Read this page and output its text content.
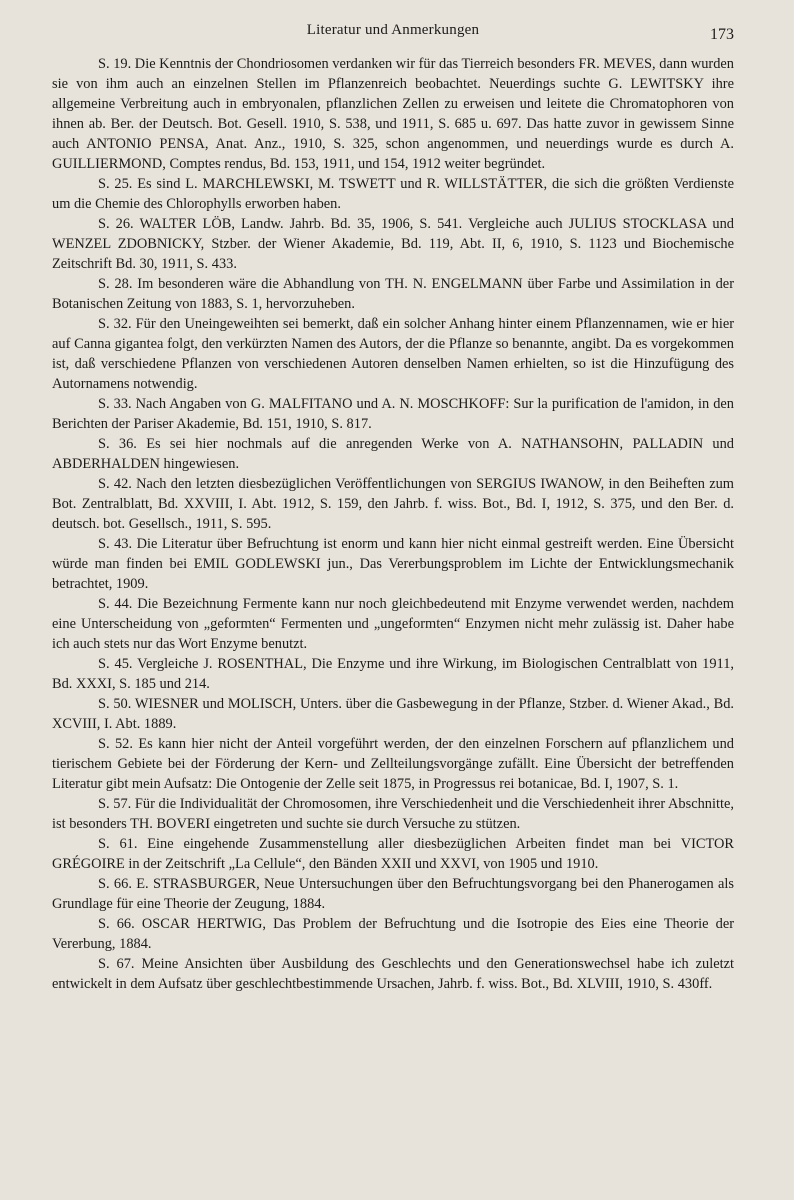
Literatur und Anmerkungen	173

S. 19. Die Kenntnis der Chondriosomen verdanken wir für das Tierreich besonders FR. MEVES, dann wurden sie von ihm auch an einzelnen Stellen im Pflanzenreich beobachtet. Neuerdings suchte G. LEWITSKY ihre allgemeine Verbreitung auch in embryonalen, pflanzlichen Zellen zu erweisen und leitete die Chromatophoren von ihnen ab. Ber. der Deutsch. Bot. Gesell. 1910, S. 538, und 1911, S. 685 u. 697. Das hatte zuvor in gewissem Sinne auch ANTONIO PENSA, Anat. Anz., 1910, S. 325, schon angenommen, und neuerdings wurde es durch A. GUILLIERMOND, Comptes rendus, Bd. 153, 1911, und 154, 1912 weiter begründet.

S. 25. Es sind L. MARCHLEWSKI, M. TSWETT und R. WILLSTÄTTER, die sich die größten Verdienste um die Chemie des Chlorophylls erworben haben.

S. 26. WALTER LÖB, Landw. Jahrb. Bd. 35, 1906, S. 541. Vergleiche auch JULIUS STOCKLASA und WENZEL ZDOBNICKY, Stzber. der Wiener Akademie, Bd. 119, Abt. II, 6, 1910, S. 1123 und Biochemische Zeitschrift Bd. 30, 1911, S. 433.

S. 28. Im besonderen wäre die Abhandlung von TH. N. ENGELMANN über Farbe und Assimilation in der Botanischen Zeitung von 1883, S. 1, hervorzuheben.

S. 32. Für den Uneingeweihten sei bemerkt, daß ein solcher Anhang hinter einem Pflanzennamen, wie er hier auf Canna gigantea folgt, den verkürzten Namen des Autors, der die Pflanze so benannte, angibt. Da es vorgekommen ist, daß verschiedene Pflanzen von verschiedenen Autoren denselben Namen erhielten, so ist die Hinzufügung des Autornamens notwendig.

S. 33. Nach Angaben von G. MALFITANO und A. N. MOSCHKOFF: Sur la purification de l'amidon, in den Berichten der Pariser Akademie, Bd. 151, 1910, S. 817.

S. 36. Es sei hier nochmals auf die anregenden Werke von A. NATHANSOHN, PALLADIN und ABDERHALDEN hingewiesen.

S. 42. Nach den letzten diesbezüglichen Veröffentlichungen von SERGIUS IWANOW, in den Beiheften zum Bot. Zentralblatt, Bd. XXVIII, I. Abt. 1912, S. 159, den Jahrb. f. wiss. Bot., Bd. I, 1912, S. 375, und den Ber. d. deutsch. bot. Gesellsch., 1911, S. 595.

S. 43. Die Literatur über Befruchtung ist enorm und kann hier nicht einmal gestreift werden. Eine Übersicht würde man finden bei EMIL GODLEWSKI jun., Das Vererbungsproblem im Lichte der Entwicklungsmechanik betrachtet, 1909.

S. 44. Die Bezeichnung Fermente kann nur noch gleichbedeutend mit Enzyme verwendet werden, nachdem eine Unterscheidung von „geformten“ Fermenten und „ungeformten“ Enzymen nicht mehr zulässig ist. Daher habe ich auch stets nur das Wort Enzyme benutzt.

S. 45. Vergleiche J. ROSENTHAL, Die Enzyme und ihre Wirkung, im Biologischen Centralblatt von 1911, Bd. XXXI, S. 185 und 214.

S. 50. WIESNER und MOLISCH, Unters. über die Gasbewegung in der Pflanze, Stzber. d. Wiener Akad., Bd. XCVIII, I. Abt. 1889.

S. 52. Es kann hier nicht der Anteil vorgeführt werden, der den einzelnen Forschern auf pflanzlichem und tierischem Gebiete bei der Förderung der Kern- und Zellteilungsvorgänge zufällt. Eine Übersicht der betreffenden Literatur gibt mein Aufsatz: Die Ontogenie der Zelle seit 1875, in Progressus rei botanicae, Bd. I, 1907, S. 1.

S. 57. Für die Individualität der Chromosomen, ihre Verschiedenheit und die Verschiedenheit ihrer Abschnitte, ist besonders TH. BOVERI eingetreten und suchte sie durch Versuche zu stützen.

S. 61. Eine eingehende Zusammenstellung aller diesbezüglichen Arbeiten findet man bei VICTOR GRÉGOIRE in der Zeitschrift „La Cellule“, den Bänden XXII und XXVI, von 1905 und 1910.

S. 66. E. STRASBURGER, Neue Untersuchungen über den Befruchtungsvorgang bei den Phanerogamen als Grundlage für eine Theorie der Zeugung, 1884.

S. 66. OSCAR HERTWIG, Das Problem der Befruchtung und die Isotropie des Eies eine Theorie der Vererbung, 1884.

S. 67. Meine Ansichten über Ausbildung des Geschlechts und den Generationswechsel habe ich zuletzt entwickelt in dem Aufsatz über geschlechtbestimmende Ursachen, Jahrb. f. wiss. Bot., Bd. XLVIII, 1910, S. 430ff.
